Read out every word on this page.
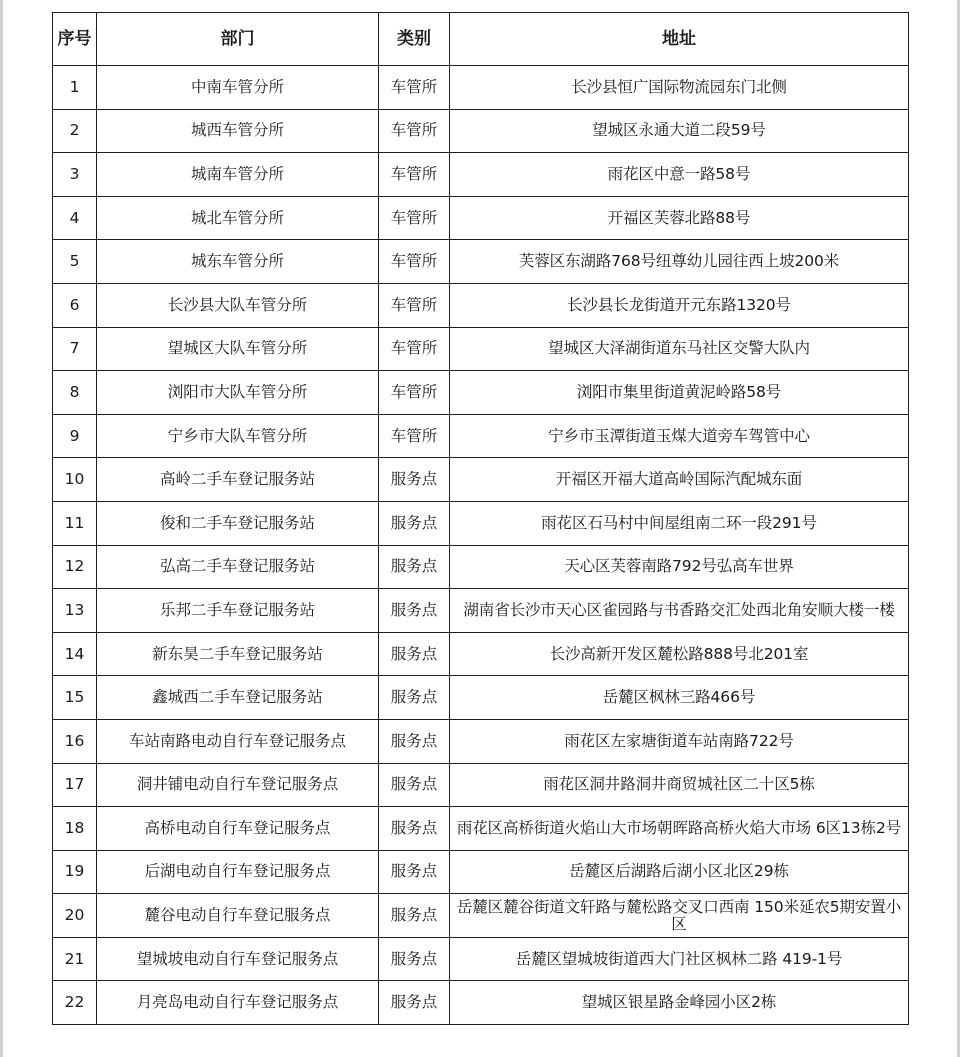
序号	部门	类别	地址
1	中南车管分所	车管所	长沙县恒广国际物流园东门北侧
2	城西车管分所	车管所	望城区永通大道二段59号
3	城南车管分所	车管所	雨花区中意一路58号
4	城北车管分所	车管所	开福区芙蓉北路88号
5	城东车管分所	车管所	芙蓉区东湖路768号纽尊幼儿园往西上坡200米
6	长沙县大队车管分所	车管所	长沙县长龙街道开元东路1320号
7	望城区大队车管分所	车管所	望城区大泽湖街道东马社区交警大队内
8	浏阳市大队车管分所	车管所	浏阳市集里街道黄泥岭路58号
9	宁乡市大队车管分所	车管所	宁乡市玉潭街道玉煤大道旁车驾管中心
10	高岭二手车登记服务站	服务点	开福区开福大道高岭国际汽配城东面
11	俊和二手车登记服务站	服务点	雨花区石马村中间屋组南二环一段291号
12	弘高二手车登记服务站	服务点	天心区芙蓉南路792号弘高车世界
13	乐邦二手车登记服务站	服务点	湖南省长沙市天心区雀园路与书香路交汇处西北角安顺大楼一楼
14	新东昊二手车登记服务站	服务点	长沙高新开发区麓松路888号北201室
15	鑫城西二手车登记服务站	服务点	岳麓区枫林三路466号
16	车站南路电动自行车登记服务点	服务点	雨花区左家塘街道车站南路722号
17	洞井铺电动自行车登记服务点	服务点	雨花区洞井路洞井商贸城社区二十区5栋
18	高桥电动自行车登记服务点	服务点	雨花区高桥街道火焰山大市场朝晖路高桥火焰大市场 6区13栋2号
19	后湖电动自行车登记服务点	服务点	岳麓区后湖路后湖小区北区29栋
20	麓谷电动自行车登记服务点	服务点	岳麓区麓谷街道文轩路与麓松路交叉口西南 150米延农5期安置小区
21	望城坡电动自行车登记服务点	服务点	岳麓区望城坡街道西大门社区枫林二路 419-1号
22	月亮岛电动自行车登记服务点	服务点	望城区银星路金峰园小区2栋
